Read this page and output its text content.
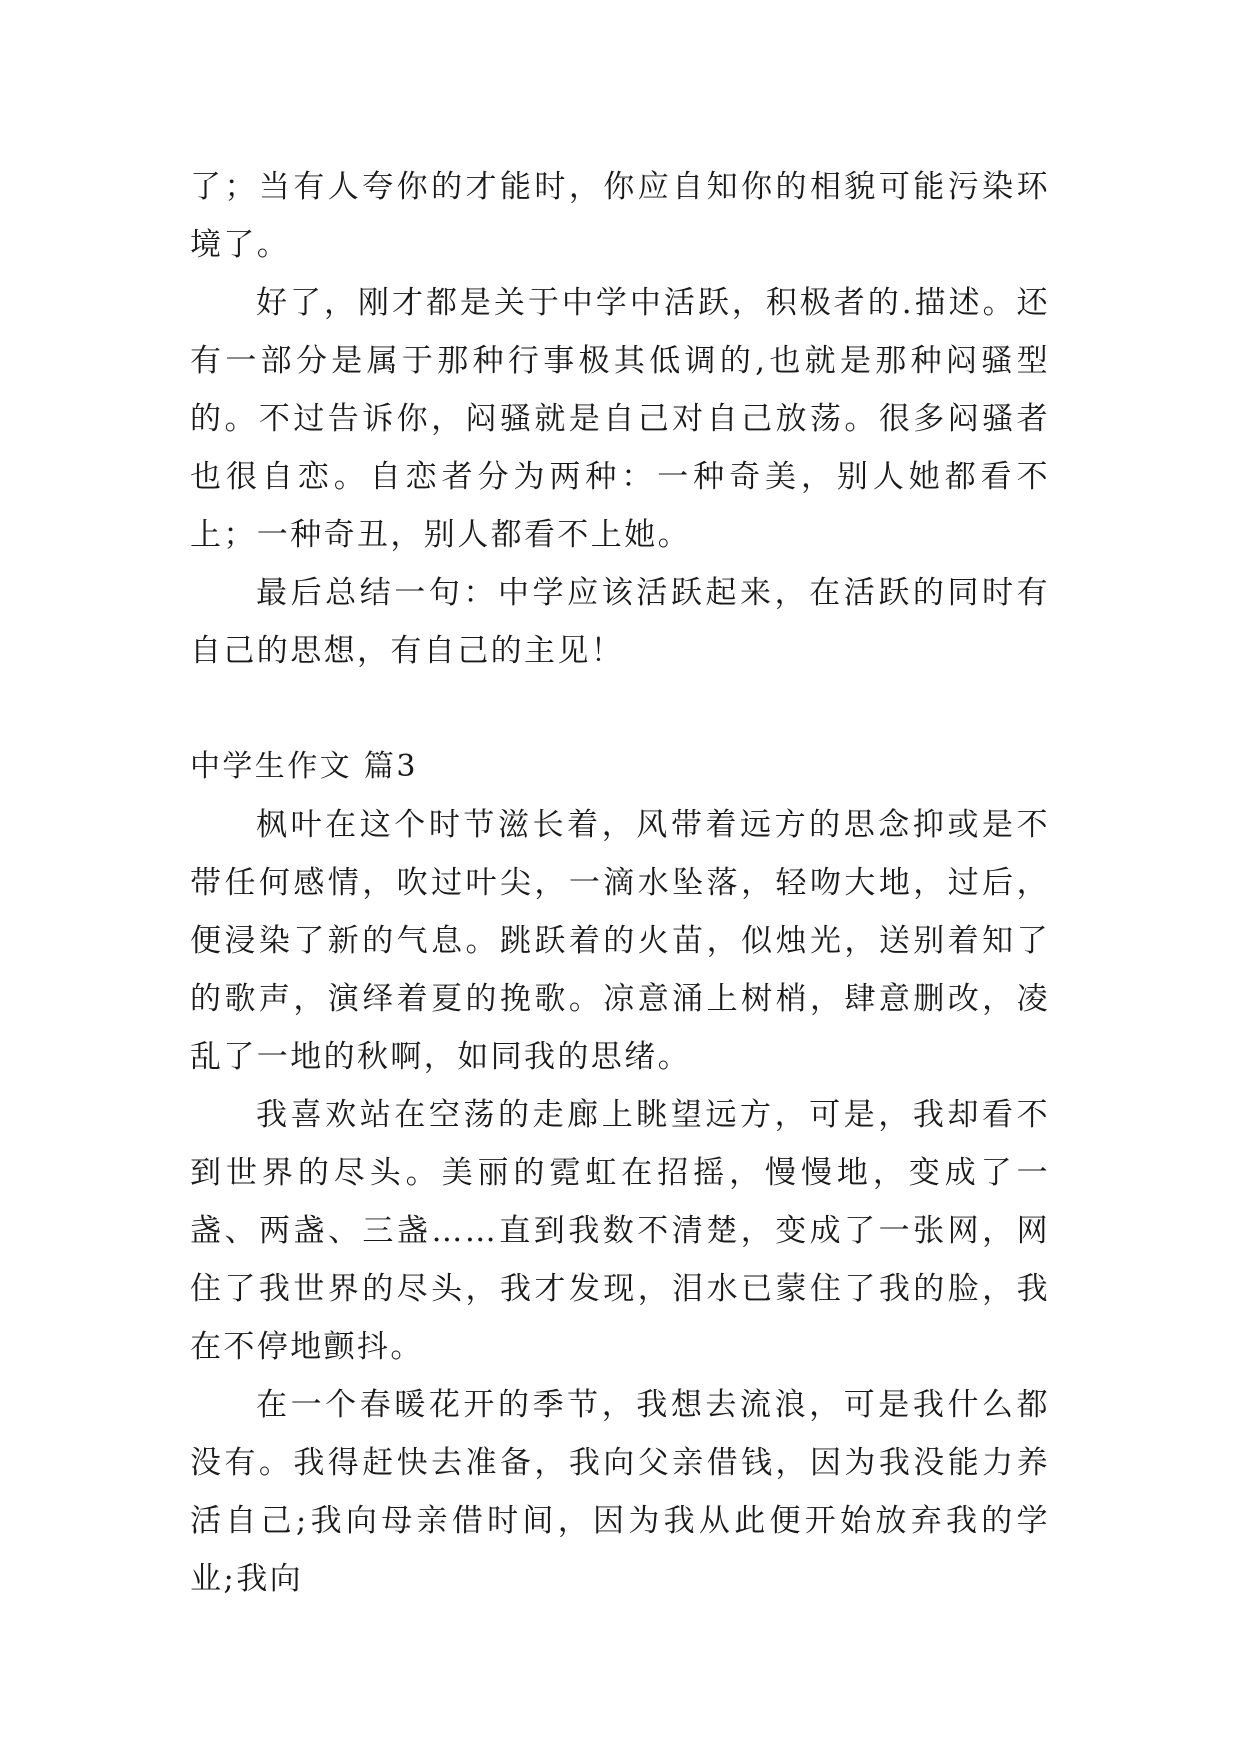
了；当有人夸你的才能时，你应自知你的相貌可能污染环境了。

好了，刚才都是关于中学中活跃，积极者的.描述。还有一部分是属于那种行事极其低调的,也就是那种闷骚型的。不过告诉你，闷骚就是自己对自己放荡。很多闷骚者也很自恋。自恋者分为两种：一种奇美，别人她都看不上；一种奇丑，别人都看不上她。

最后总结一句：中学应该活跃起来，在活跃的同时有自己的思想，有自己的主见！

中学生作文 篇3

枫叶在这个时节滋长着，风带着远方的思念抑或是不带任何感情，吹过叶尖，一滴水坠落，轻吻大地，过后，便浸染了新的气息。跳跃着的火苗，似烛光，送别着知了的歌声，演绎着夏的挽歌。凉意涌上树梢，肆意删改，凌乱了一地的秋啊，如同我的思绪。

我喜欢站在空荡的走廊上眺望远方，可是，我却看不到世界的尽头。美丽的霓虹在招摇，慢慢地，变成了一盏、两盏、三盏……直到我数不清楚，变成了一张网，网住了我世界的尽头，我才发现，泪水已蒙住了我的脸，我在不停地颤抖。

在一个春暖花开的季节，我想去流浪，可是我什么都没有。我得赶快去准备，我向父亲借钱，因为我没能力养活自己;我向母亲借时间，因为我从此便开始放弃我的学业;我向
